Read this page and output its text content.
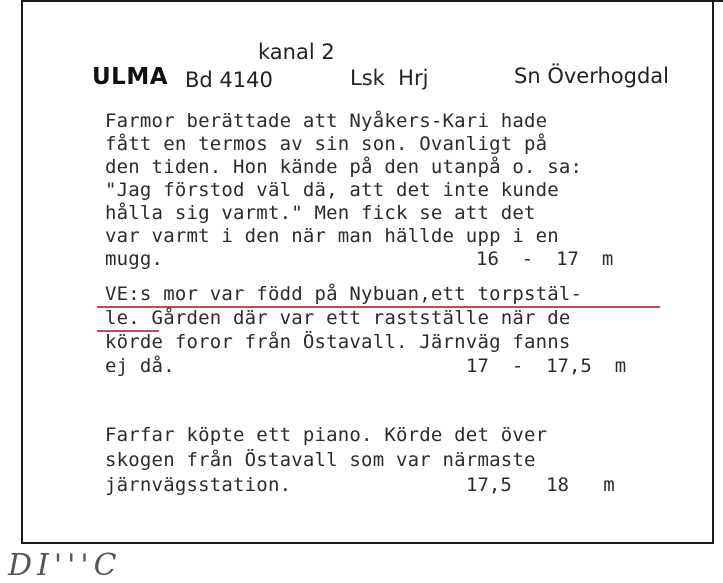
kanal 2
ULMA Bd 4140	Lsk  Hrj	Sn Överhogdal
Farmor berättade att Nyåkers-Kari hade
fått en termos av sin son. Ovanligt på
den tiden. Hon kände på den utanpå o. sa:
"Jag förstod väl dä, att det inte kunde
hålla sig varmt." Men fick se att det
var varmt i den när man hällde upp i en
mugg.	16  -  17  m
VE:s mor var född på Nybuan,ett torpstäl-
le. Gården där var ett rastställe när de
körde foror från Östavall. Järnväg fanns
ej då.	17  -  17,5  m
Farfar köpte ett piano. Körde det över
skogen från Östavall som var närmaste
järnvägsstation.	17,5   18   m
DI'''C
